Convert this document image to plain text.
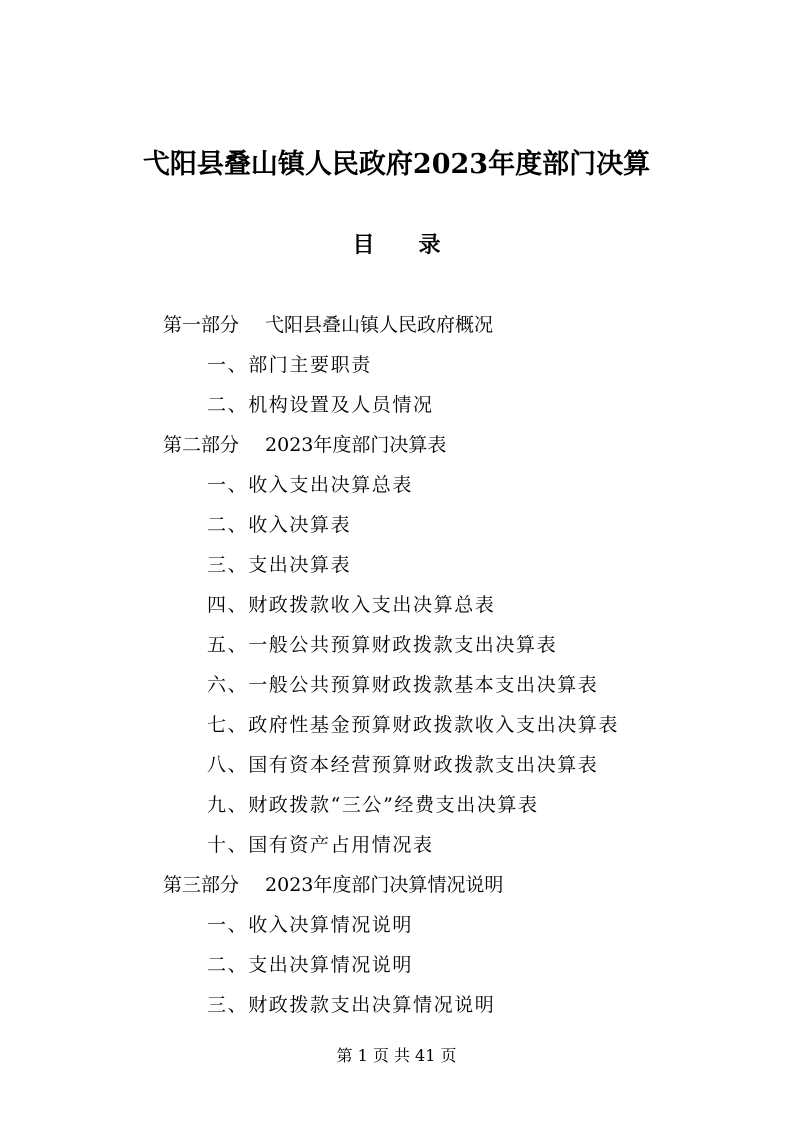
弋阳县叠山镇人民政府2023年度部门决算
目 录
第一部分 弋阳县叠山镇人民政府概况
一、部门主要职责
二、机构设置及人员情况
第二部分 2023年度部门决算表
一、收入支出决算总表
二、收入决算表
三、支出决算表
四、财政拨款收入支出决算总表
五、一般公共预算财政拨款支出决算表
六、一般公共预算财政拨款基本支出决算表
七、政府性基金预算财政拨款收入支出决算表
八、国有资本经营预算财政拨款支出决算表
九、财政拨款“三公”经费支出决算表
十、国有资产占用情况表
第三部分 2023年度部门决算情况说明
一、收入决算情况说明
二、支出决算情况说明
三、财政拨款支出决算情况说明
第 1 页 共 41 页
